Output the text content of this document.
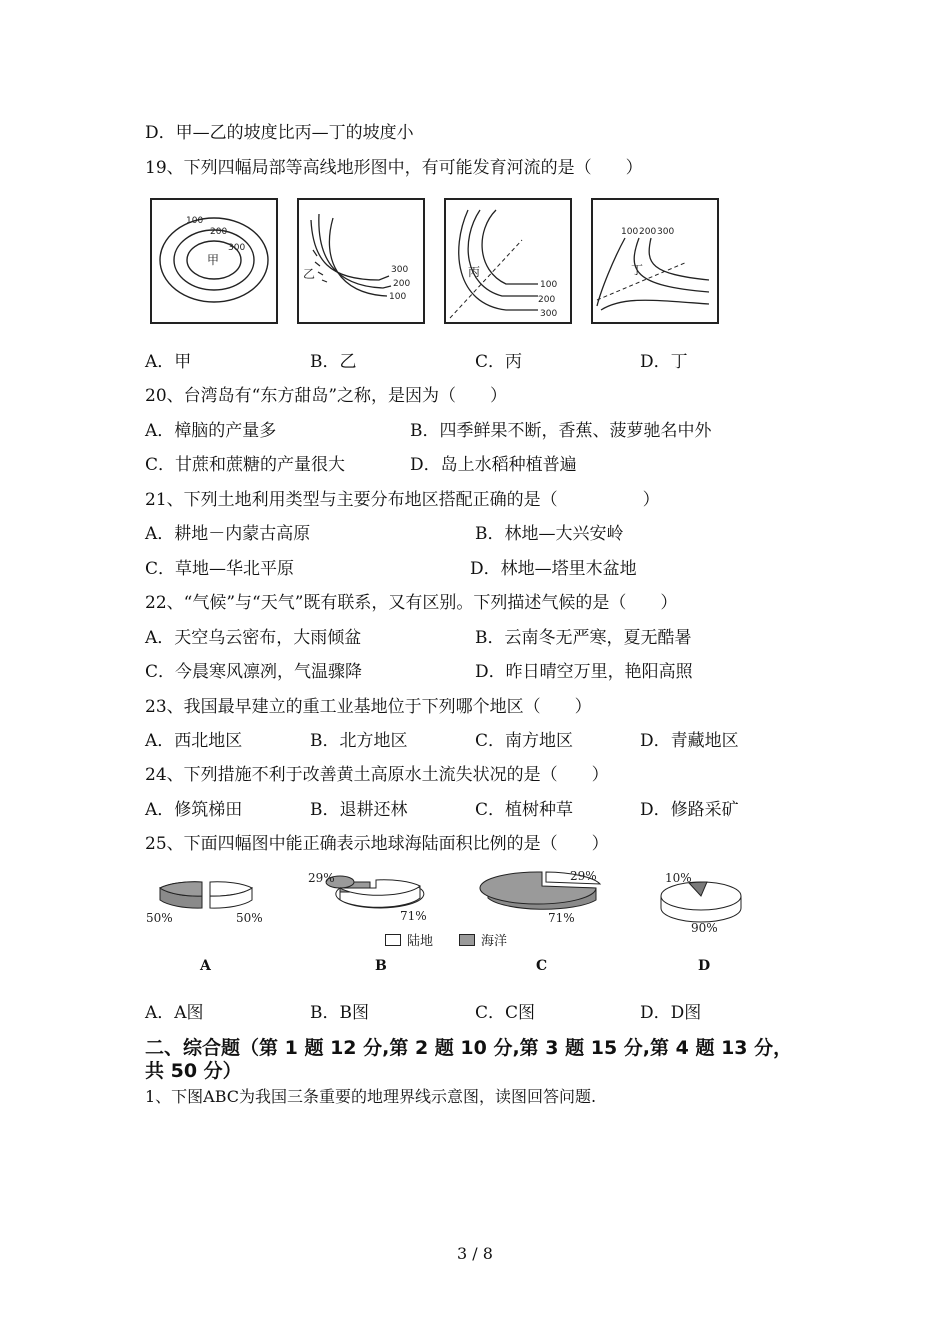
D．甲—乙的坡度比丙—丁的坡度小
19、下列四幅局部等高线地形图中，有可能发育河流的是（　　）
100
200
300
甲
乙	300
200
100
丙
100
200
300
100 200 300
丁
A．甲	B．乙	C．丙	D．丁
20、台湾岛有“东方甜岛”之称，是因为（　　）
A．樟脑的产量多	B．四季鲜果不断，香蕉、菠萝驰名中外
C．甘蔗和蔗糖的产量很大	D．岛上水稻种植普遍
21、下列土地利用类型与主要分布地区搭配正确的是（　　　　　）
A．耕地－内蒙古高原	B．林地—大兴安岭
C．草地—华北平原	D．林地—塔里木盆地
22、“气候”与“天气”既有联系，又有区别。下列描述气候的是（　　）
A．天空乌云密布，大雨倾盆	B．云南冬无严寒，夏无酷暑
C．今晨寒风凛冽，气温骤降	D．昨日晴空万里，艳阳高照
23、我国最早建立的重工业基地位于下列哪个地区（　　）
A．西北地区	B．北方地区	C．南方地区	D．青藏地区
24、下列措施不利于改善黄土高原水土流失状况的是（　　）
A．修筑梯田	B．退耕还林	C．植树种草	D．修路采矿
25、下面四幅图中能正确表示地球海陆面积比例的是（　　）
50%	50%
29%
71%
29%
71%
10%
90%
陆地	海洋
A	B	C	D
A．A图	B．B图	C．C图	D．D图
二、综合题（第 1 题 12 分,第 2 题 10 分,第 3 题 15 分,第 4 题 13 分，
共 50 分）
1、下图ABC为我国三条重要的地理界线示意图，读图回答问题.
3 / 8
